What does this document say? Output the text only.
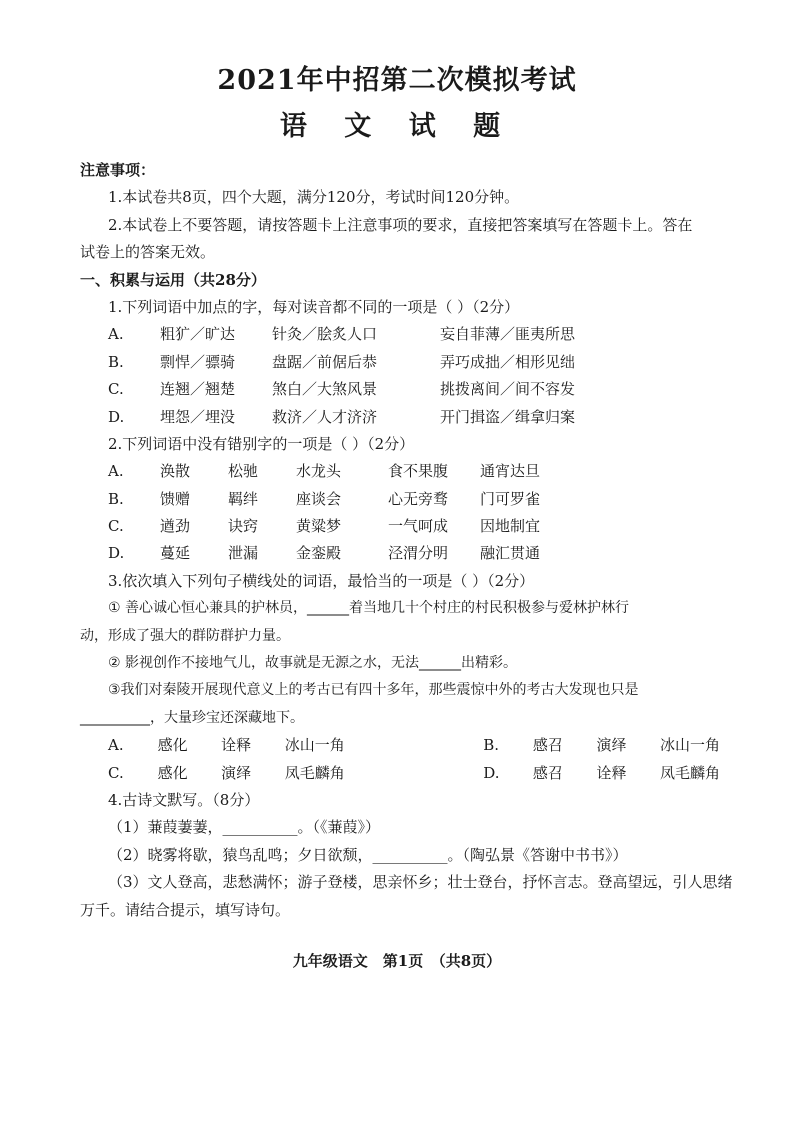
2021年中招第二次模拟考试
语 文 试 题
注意事项：
1.本试卷共8页，四个大题，满分120分，考试时间120分钟。
2.本试卷上不要答题，请按答题卡上注意事项的要求，直接把答案填写在答题卡上。答在
试卷上的答案无效。
一、积累与运用（共28分）
1.下列词语中加点的字，每对读音都不同的一项是（ ）（2分）
A.	粗犷／旷达	针灸／脍炙人口	妄自菲薄／匪夷所思
B.	剽悍／骠骑	盘踞／前倨后恭	弄巧成拙／相形见绌
C.	连翘／翘楚	煞白／大煞风景	挑拨离间／间不容发
D.	埋怨／埋没	救济／人才济济	开门揖盗／缉拿归案
2.下列词语中没有错别字的一项是（ ）（2分）
A.	涣散	松驰	水龙头	食不果腹	通宵达旦
B.	馈赠	羁绊	座谈会	心无旁骛	门可罗雀
C.	遒劲	诀窍	黄粱梦	一气呵成	因地制宜
D.	蔓延	泄漏	金銮殿	泾渭分明	融汇贯通
3.依次填入下列句子横线处的词语，最恰当的一项是（ ）（2分）
① 善心诚心恒心兼具的护林员，______着当地几十个村庄的村民积极参与爱林护林行
动，形成了强大的群防群护力量。
② 影视创作不接地气儿，故事就是无源之水，无法______出精彩。
③我们对秦陵开展现代意义上的考古已有四十多年，那些震惊中外的考古大发现也只是
__________，大量珍宝还深藏地下。
A.	感化	诠释	冰山一角	B.	感召	演绎	冰山一角
C.	感化	演绎	凤毛麟角	D.	感召	诠释	凤毛麟角
4.古诗文默写。（8分）
（1）蒹葭萋萋，__________。（《蒹葭》）
（2）晓雾将歇，猿鸟乱鸣；夕日欲颓，__________。（陶弘景《答谢中书书》）
（3）文人登高，悲愁满怀；游子登楼，思亲怀乡；壮士登台，抒怀言志。登高望远，引人思绪
万千。请结合提示，填写诗句。
九年级语文　第1页　（共8页）
